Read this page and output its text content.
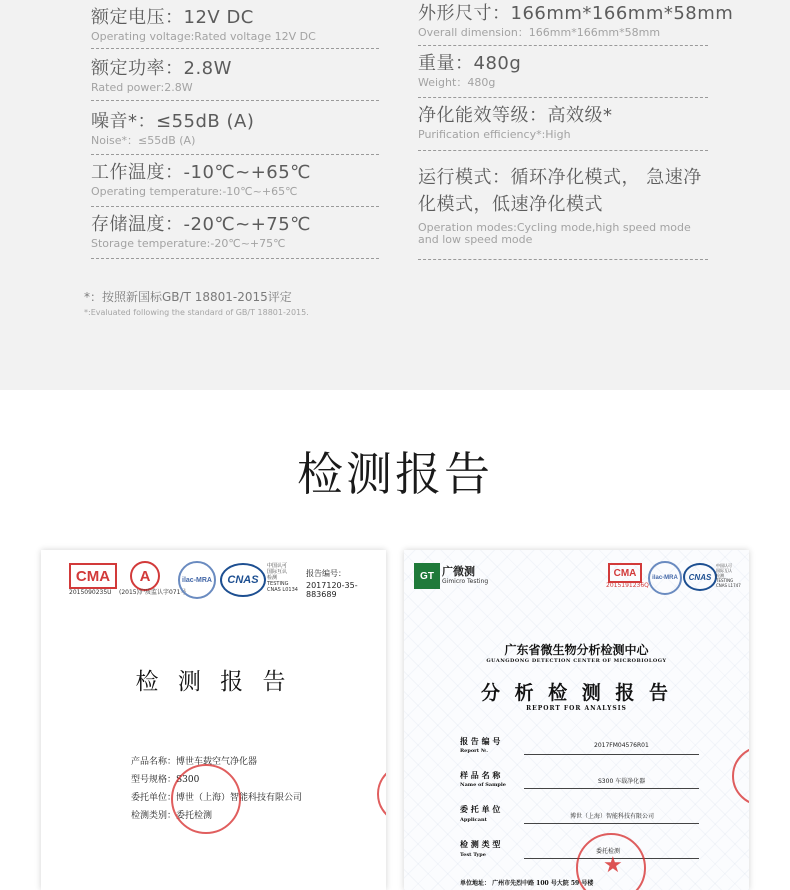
额定电压：12V DC
Operating voltage:Rated voltage 12V DC
额定功率：2.8W
Rated power:2.8W
噪音*：≤55dB (A)
Noise*：≤55dB (A)
工作温度：-10℃~+65℃
Operating temperature:-10℃~+65℃
存储温度：-20℃~+75℃
Storage temperature:-20℃~+75℃
外形尺寸：166mm*166mm*58mm
Overall dimension：166mm*166mm*58mm
重量：480g
Weight：480g
净化能效等级：高效级*
Purification efficiency*:High
运行模式：循环净化模式， 急速净化模式，低速净化模式
Operation modes:Cycling mode,high speed mode and low speed mode
*：按照新国标GB/T 18801-2015评定
*:Evaluated following the standard of GB/T 18801-2015.
检测报告
CMA
2015090235U
A
(2015)沪质监认字071号
ilac-MRA	CNAS
中国认可
国际互认
检测
TESTING
CNAS L0134
报告编号：
2017120-35-883689
检 测 报 告
产品名称：博世车载空气净化器
型号规格：S300
委托单位：博世（上海）智能科技有限公司
检测类别：委托检测
GT 广微测
Gimicro Testing
CMA
2015191236Q
ilac-MRA	CNAS
中国认可
国际互认
检测
TESTING
CNAS L1747
广东省微生物分析检测中心
GUANGDONG DETECTION CENTER OF MICROBIOLOGY
分 析 检 测 报 告
REPORT FOR ANALYSIS
报 告 编 号
Report №.
2017FM04576R01
样 品 名 称
Name of Sample	S300 车载净化器
委 托 单 位
Applicant	博世（上海）智能科技有限公司
检 测 类 型
Test Type	委托检测
单位地址： 广州市先烈中路 100 号大院 59 号楼
★
